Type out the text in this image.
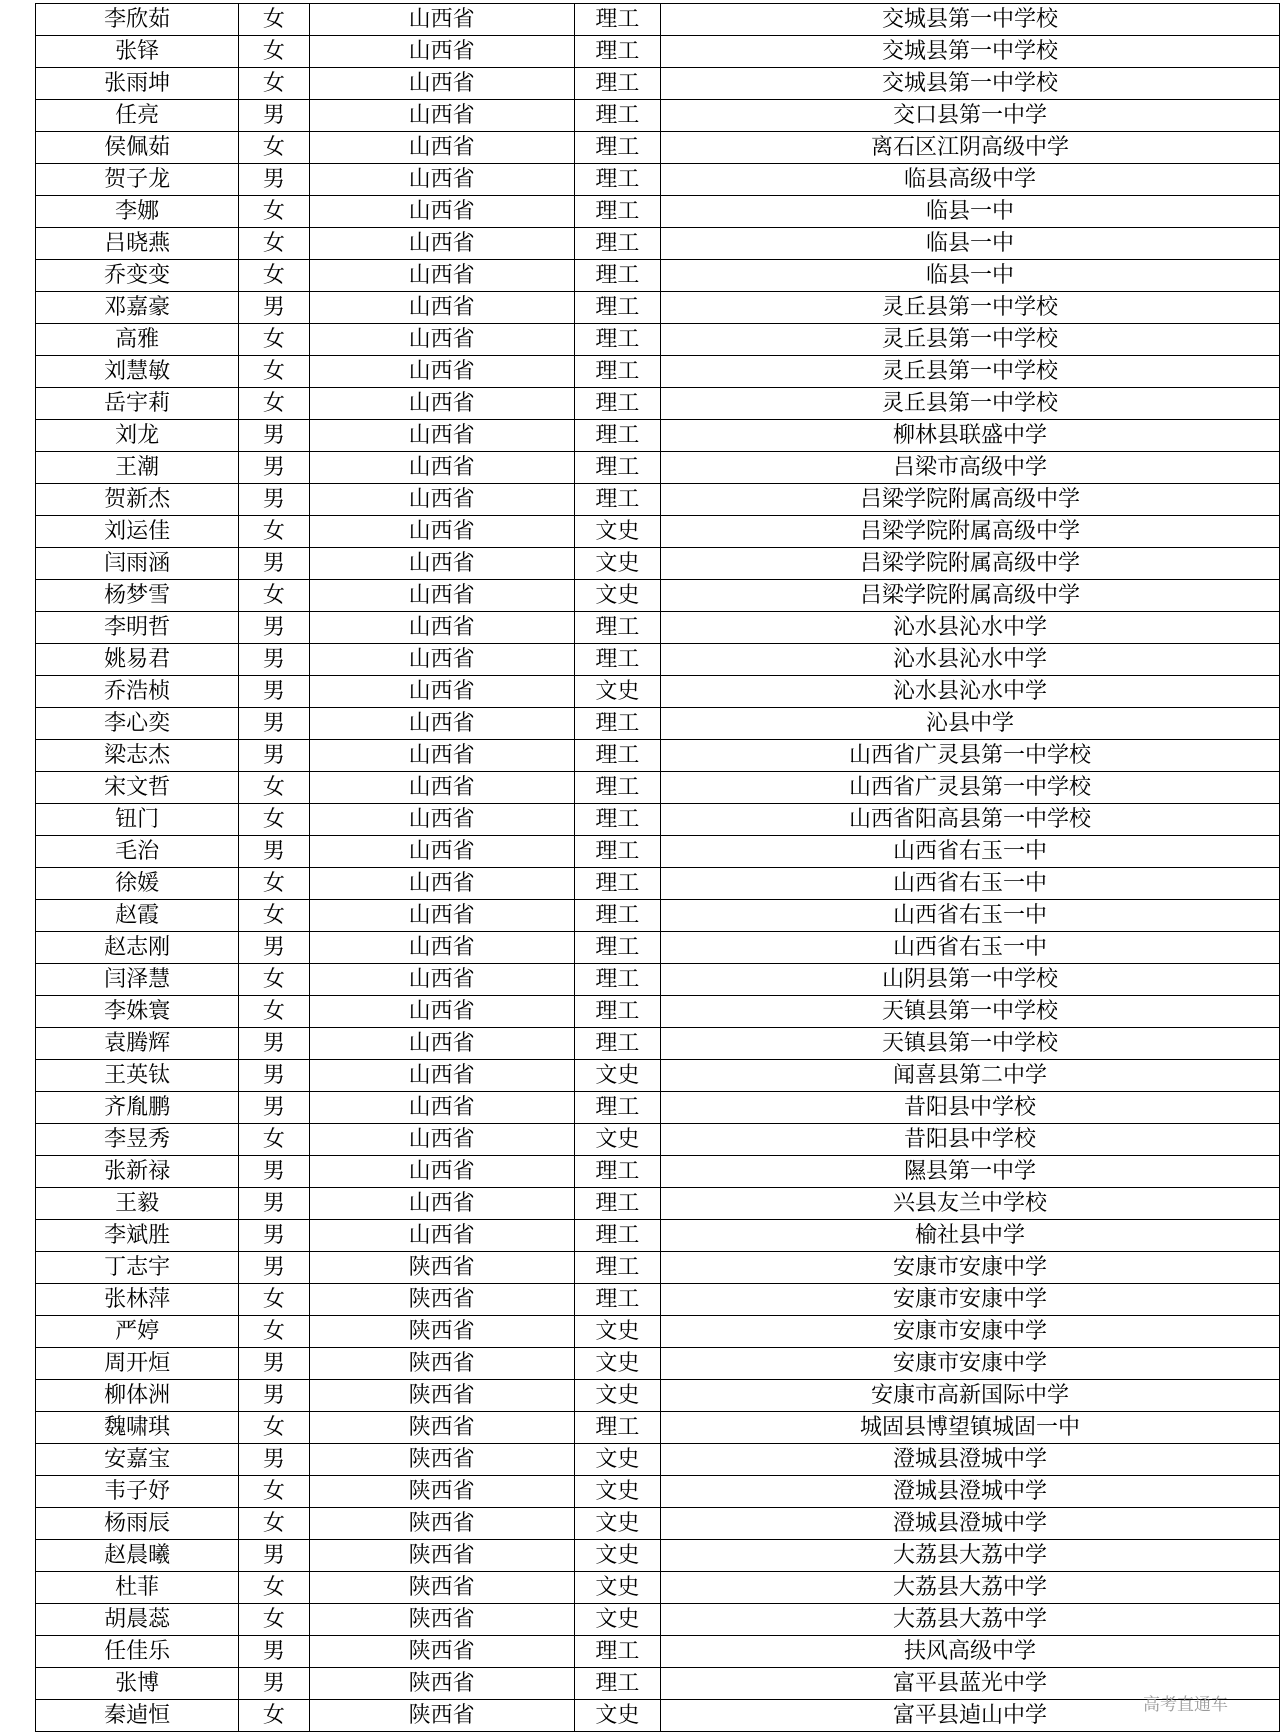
李欣茹	女	山西省	理工	交城县第一中学校
张铎	女	山西省	理工	交城县第一中学校
张雨坤	女	山西省	理工	交城县第一中学校
任亮	男	山西省	理工	交口县第一中学
侯佩茹	女	山西省	理工	离石区江阴高级中学
贺子龙	男	山西省	理工	临县高级中学
李娜	女	山西省	理工	临县一中
吕晓燕	女	山西省	理工	临县一中
乔变变	女	山西省	理工	临县一中
邓嘉豪	男	山西省	理工	灵丘县第一中学校
高雅	女	山西省	理工	灵丘县第一中学校
刘慧敏	女	山西省	理工	灵丘县第一中学校
岳宇莉	女	山西省	理工	灵丘县第一中学校
刘龙	男	山西省	理工	柳林县联盛中学
王潮	男	山西省	理工	吕梁市高级中学
贺新杰	男	山西省	理工	吕梁学院附属高级中学
刘运佳	女	山西省	文史	吕梁学院附属高级中学
闫雨涵	男	山西省	文史	吕梁学院附属高级中学
杨梦雪	女	山西省	文史	吕梁学院附属高级中学
李明哲	男	山西省	理工	沁水县沁水中学
姚易君	男	山西省	理工	沁水县沁水中学
乔浩桢	男	山西省	文史	沁水县沁水中学
李心奕	男	山西省	理工	沁县中学
梁志杰	男	山西省	理工	山西省广灵县第一中学校
宋文哲	女	山西省	理工	山西省广灵县第一中学校
钮门	女	山西省	理工	山西省阳高县第一中学校
毛治	男	山西省	理工	山西省右玉一中
徐媛	女	山西省	理工	山西省右玉一中
赵霞	女	山西省	理工	山西省右玉一中
赵志刚	男	山西省	理工	山西省右玉一中
闫泽慧	女	山西省	理工	山阴县第一中学校
李姝寰	女	山西省	理工	天镇县第一中学校
袁腾辉	男	山西省	理工	天镇县第一中学校
王英钛	男	山西省	文史	闻喜县第二中学
齐胤鹏	男	山西省	理工	昔阳县中学校
李昱秀	女	山西省	文史	昔阳县中学校
张新禄	男	山西省	理工	隰县第一中学
王毅	男	山西省	理工	兴县友兰中学校
李斌胜	男	山西省	理工	榆社县中学
丁志宇	男	陕西省	理工	安康市安康中学
张林萍	女	陕西省	理工	安康市安康中学
严婷	女	陕西省	文史	安康市安康中学
周开烜	男	陕西省	文史	安康市安康中学
柳体洲	男	陕西省	文史	安康市高新国际中学
魏啸琪	女	陕西省	理工	城固县博望镇城固一中
安嘉宝	男	陕西省	文史	澄城县澄城中学
韦子妤	女	陕西省	文史	澄城县澄城中学
杨雨辰	女	陕西省	文史	澄城县澄城中学
赵晨曦	男	陕西省	文史	大荔县大荔中学
杜菲	女	陕西省	文史	大荔县大荔中学
胡晨蕊	女	陕西省	文史	大荔县大荔中学
任佳乐	男	陕西省	理工	扶风高级中学
张博	男	陕西省	理工	富平县蓝光中学
秦逌恒	女	陕西省	文史	富平县逌山中学	高考直通车
